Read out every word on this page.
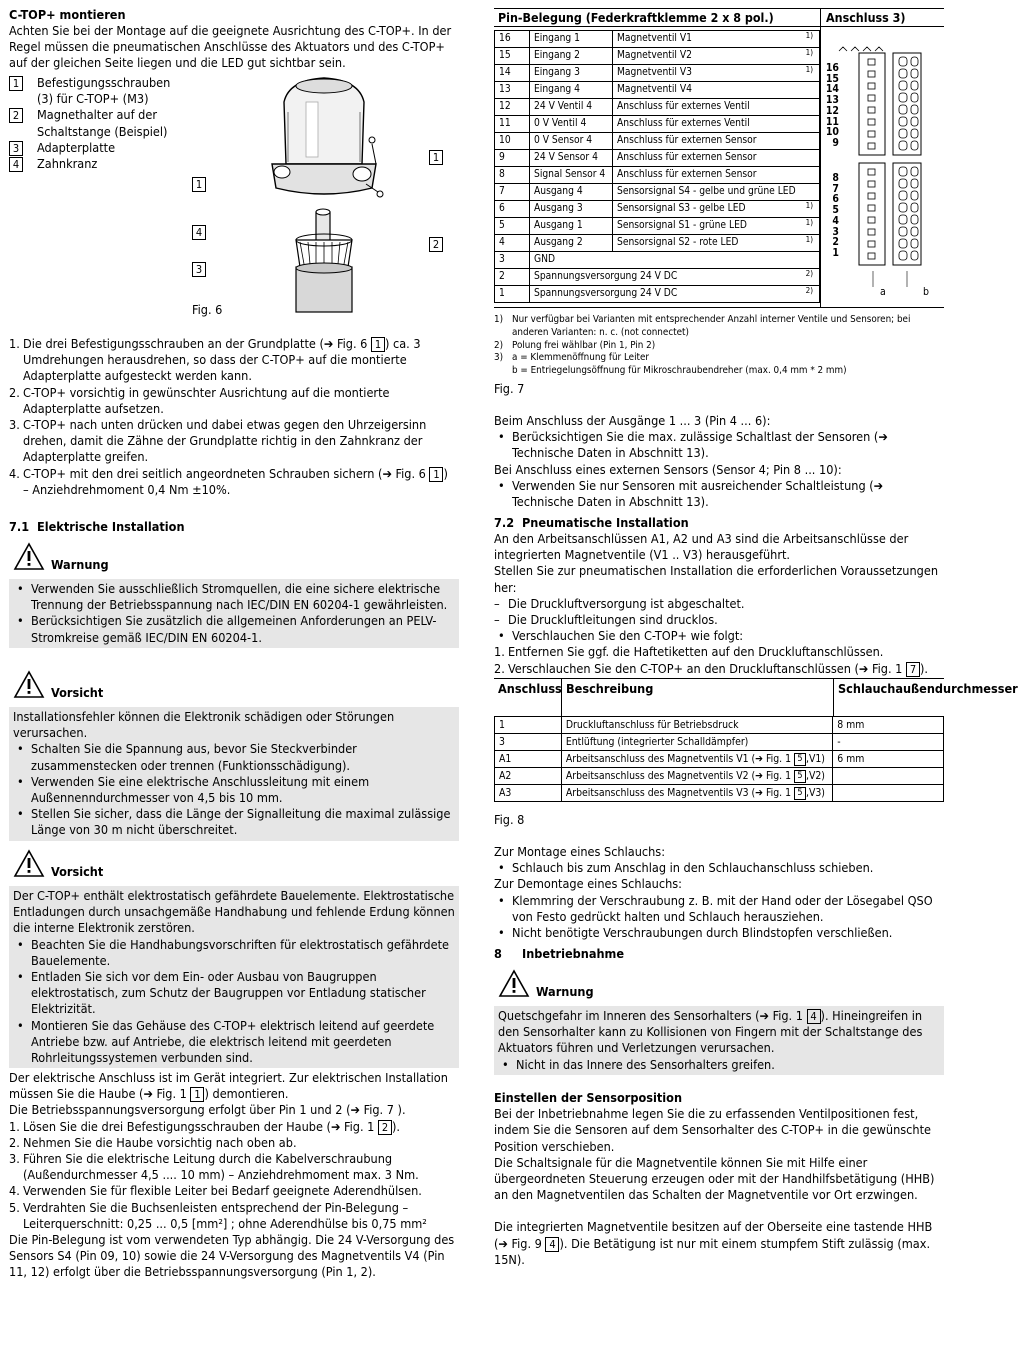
C-TOP+ montieren

Achten Sie bei der Montage auf die geeignete Ausrichtung des C-TOP+. In der Regel müssen die pneumatischen Anschlüsse des Aktuators und des C-TOP+ auf der gleichen Seite liegen und die LED gut sichtbar sein.

1	Befestigungsschrauben (3) für C-TOP+ (M3)
2	Magnethalter auf der Schaltstange (Beispiel)
3	Adapterplatte
4	Zahnkranz
1
4
3
1
2

Fig. 6

1. Die drei Befestigungsschrauben an der Grundplatte (➔ Fig. 6 1 ) ca. 3 Umdrehungen herausdrehen, so dass der C-TOP+ auf die montierte Adapterplatte aufgesteckt werden kann.
2. C-TOP+ vorsichtig in gewünschter Ausrichtung auf die montierte Adapterplatte aufsetzen.
3. C-TOP+ nach unten drücken und dabei etwas gegen den Uhrzeigersinn drehen, damit die Zähne der Grundplatte richtig in den Zahnkranz der Adapterplatte greifen.
4. C-TOP+ mit den drei seitlich angeordneten Schrauben sichern (➔ Fig. 6 1 ) – Anziehdrehmoment 0,4 Nm ±10%.

7.1 Elektrische Installation

Warnung
• Verwenden Sie ausschließlich Stromquellen, die eine sichere elektrische Trennung der Betriebsspannung nach IEC/DIN EN 60204-1 gewährleisten.
• Berücksichtigen Sie zusätzlich die allgemeinen Anforderungen an PELV-Stromkreise gemäß IEC/DIN EN 60204-1.
Vorsicht

Installationsfehler können die Elektronik schädigen oder Störungen verursachen.

• Schalten Sie die Spannung aus, bevor Sie Steckverbinder zusammenstecken oder trennen (Funktionsschädigung).
• Verwenden Sie eine elektrische Anschlussleitung mit einem Außennenndurchmesser von 4,5 bis 10 mm.
• Stellen Sie sicher, dass die Länge der Signalleitung die maximal zulässige Länge von 30 m nicht überschreitet.
Vorsicht

Der C-TOP+ enthält elektrostatisch gefährdete Bauelemente. Elektrostatische Entladungen durch unsachgemäße Handhabung und fehlende Erdung können die interne Elektronik zerstören.

• Beachten Sie die Handhabungsvorschriften für elektrostatisch gefährdete Bauelemente.
• Entladen Sie sich vor dem Ein- oder Ausbau von Baugruppen elektrostatisch, zum Schutz der Baugruppen vor Entladung statischer Elektrizität.
• Montieren Sie das Gehäuse des C-TOP+ elektrisch leitend auf geerdete Antriebe bzw. auf Antriebe, die elektrisch leitend mit geerdeten Rohrleitungssystemen verbunden sind.

Der elektrische Anschluss ist im Gerät integriert. Zur elektrischen Installation müssen Sie die Haube (➔ Fig. 1 1 ) demontieren.

Die Betriebsspannungsversorgung erfolgt über Pin 1 und 2 (➔ Fig. 7 ).

1. Lösen Sie die drei Befestigungsschrauben der Haube (➔ Fig. 1 2 ).
2. Nehmen Sie die Haube vorsichtig nach oben ab.
3. Führen Sie die elektrische Leitung durch die Kabelverschraubung (Außendurchmesser 4,5 .... 10 mm) – Anziehdrehmoment max. 3 Nm.
4. Verwenden Sie für flexible Leiter bei Bedarf geeignete Aderendhülsen.
5. Verdrahten Sie die Buchsenleisten entsprechend der Pin-Belegung – Leiterquerschnitt: 0,25 ... 0,5 [mm²] ; ohne Aderendhülse bis 0,75 mm²

Die Pin-Belegung ist vom verwendeten Typ abhängig. Die 24 V-Versorgung des Sensors S4 (Pin 09, 10) sowie die 24 V-Versorgung des Magnetventils V4 (Pin 11, 12) erfolgt über die Betriebsspannungsversorgung (Pin 1, 2).

Pin-Belegung (Federkraftklemme 2 x 8 pol.)	Anschluss 3)
16	Eingang 1	Magnetventil V1 1)

15	Eingang 2	Magnetventil V2 1)

14	Eingang 3	Magnetventil V3 1)

13	Eingang 4	Magnetventil V4
12	24 V Ventil 4	Anschluss für externes Ventil
11	0 V Ventil 4	Anschluss für externes Ventil
10	0 V Sensor 4	Anschluss für externen Sensor
9	24 V Sensor 4	Anschluss für externen Sensor
8	Signal Sensor 4	Anschluss für externen Sensor
7	Ausgang 4	Sensorsignal S4 - gelbe und grüne LED
6	Ausgang 3	Sensorsignal S3 - gelbe LED 1)

5	Ausgang 1	Sensorsignal S1 - grüne LED 1)

4	Ausgang 2	Sensorsignal S2 - rote LED 1)

3	GND	
2	Spannungsversorgung 24 V DC 2)	

1	Spannungsversorgung 24 V DC 2)	
16
15
14
13
12
11
10
9
8
7
6
5
4
3
2
1
a	b
1) Nur verfügbar bei Varianten mit entsprechender Anzahl interner Ventile und Sensoren; bei anderen Varianten: n. c. (not connectet)
2) Polung frei wählbar (Pin 1, Pin 2)
3) a = Klemmenöffnung für Leiter
b = Entriegelungsöffnung für Mikroschraubendreher (max. 0,4 mm * 2 mm)

Fig. 7

Beim Anschluss der Ausgänge 1 ... 3 (Pin 4 ... 6):

• Berücksichtigen Sie die max. zulässige Schaltlast der Sensoren (➔ Technische Daten in Abschnitt 13).

Bei Anschluss eines externen Sensors (Sensor 4; Pin 8 ... 10):

• Verwenden Sie nur Sensoren mit ausreichender Schaltleistung (➔ Technische Daten in Abschnitt 13).

7.2 Pneumatische Installation

An den Arbeitsanschlüssen A1, A2 und A3 sind die Arbeitsanschlüsse der integrierten Magnetventile (V1 .. V3) herausgeführt.

Stellen Sie zur pneumatischen Installation die erforderlichen Voraussetzungen her:

– Die Druckluftversorgung ist abgeschaltet.
– Die Druckluftleitungen sind drucklos.
• Verschlauchen Sie den C-TOP+ wie folgt:
1. Entfernen Sie ggf. die Haftetiketten auf den Druckluftanschlüssen.
2. Verschlauchen Sie den C-TOP+ an den Druckluftanschlüssen (➔ Fig. 1 7 ).
Anschluss Beschreibung	Schlauchaußendurchmesser
1	Druckluftanschluss für Betriebsdruck	8 mm
3	Entlüftung (integrierter Schalldämpfer)	-
A1	Arbeitsanschluss des Magnetventils V1 (➔ Fig. 1 5 ,V1)	6 mm
A2	Arbeitsanschluss des Magnetventils V2 (➔ Fig. 1 5 ,V2)	
A3	Arbeitsanschluss des Magnetventils V3 (➔ Fig. 1 5 ,V3)	

Fig. 8

Zur Montage eines Schlauchs:

• Schlauch bis zum Anschlag in den Schlauchanschluss schieben.

Zur Demontage eines Schlauchs:

• Klemmring der Verschraubung z. B. mit der Hand oder der Lösegabel QSO von Festo gedrückt halten und Schlauch herausziehen.
• Nicht benötigte Verschraubungen durch Blindstopfen verschließen.

8 Inbetriebnahme

Warnung

Quetschgefahr im Inneren des Sensorhalters (➔ Fig. 1 4 ). Hineingreifen in den Sensorhalter kann zu Kollisionen von Fingern mit der Schaltstange des Aktuators führen und Verletzungen verursachen.

• Nicht in das Innere des Sensorhalters greifen.

Einstellen der Sensorposition

Bei der Inbetriebnahme legen Sie die zu erfassenden Ventilpositionen fest, indem Sie die Sensoren auf dem Sensorhalter des C-TOP+ in die gewünschte Position verschieben.

Die Schaltsignale für die Magnetventile können Sie mit Hilfe einer übergeordneten Steuerung erzeugen oder mit der Handhilfsbetätigung (HHB) an den Magnetventilen das Schalten der Magnetventile vor Ort erzwingen.

Die integrierten Magnetventile besitzen auf der Oberseite eine tastende HHB (➔ Fig. 9 4 ). Die Betätigung ist nur mit einem stumpfem Stift zulässig (max. 15N).
